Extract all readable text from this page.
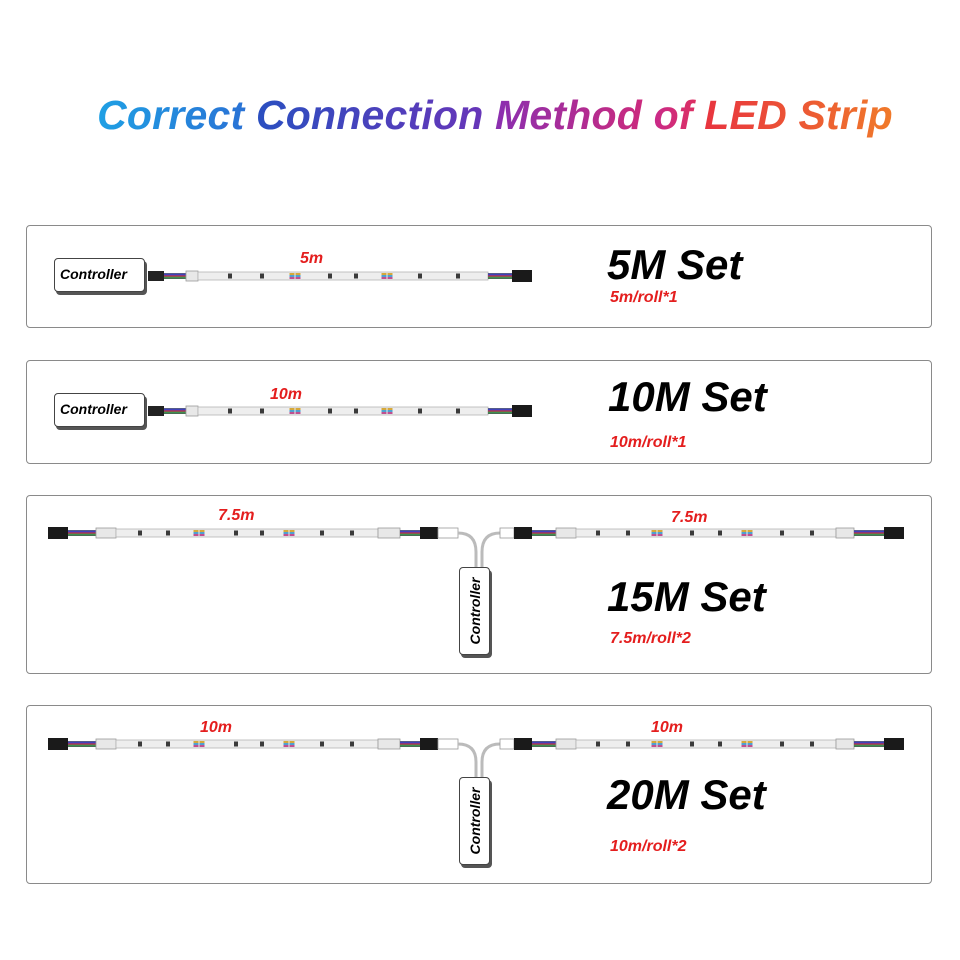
Correct Connection Method of LED Strip
Controller
Controller
Controller
Controller
5m
10m
7.5m	7.5m
10m	10m
5M Set
5m/roll*1
10M Set
10m/roll*1
15M Set
7.5m/roll*2
20M Set
10m/roll*2
